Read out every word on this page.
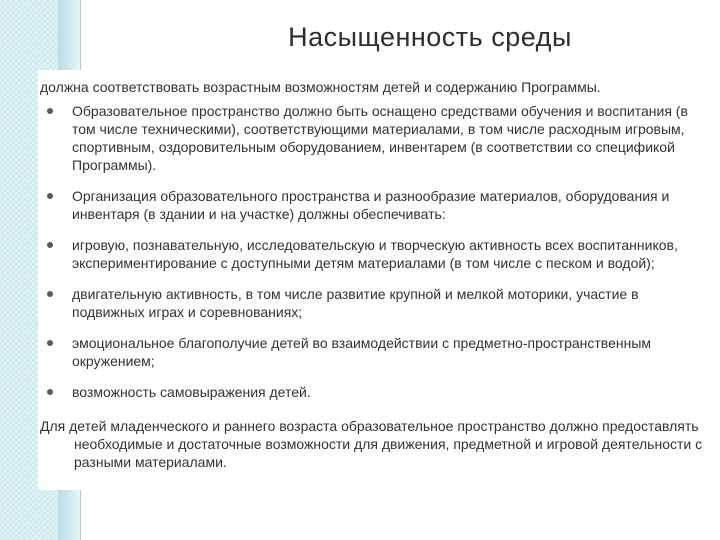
Насыщенность среды
должна соответствовать возрастным возможностям детей и содержанию Программы.
Образовательное пространство должно быть оснащено средствами обучения и воспитания (в том числе техническими), соответствующими материалами, в том числе расходным игровым, спортивным, оздоровительным оборудованием, инвентарем (в соответствии со спецификой Программы).
Организация образовательного пространства и разнообразие материалов, оборудования и инвентаря (в здании и на участке) должны обеспечивать:
игровую, познавательную, исследовательскую и творческую активность всех воспитанников, экспериментирование с доступными детям материалами (в том числе с песком и водой);
двигательную активность, в том числе развитие крупной и мелкой моторики, участие в подвижных играх и соревнованиях;
эмоциональное благополучие детей во взаимодействии с предметно-пространственным окружением;
возможность самовыражения детей.
Для детей младенческого и раннего возраста образовательное пространство должно предоставлять необходимые и достаточные возможности для движения, предметной и игровой деятельности с разными материалами.
